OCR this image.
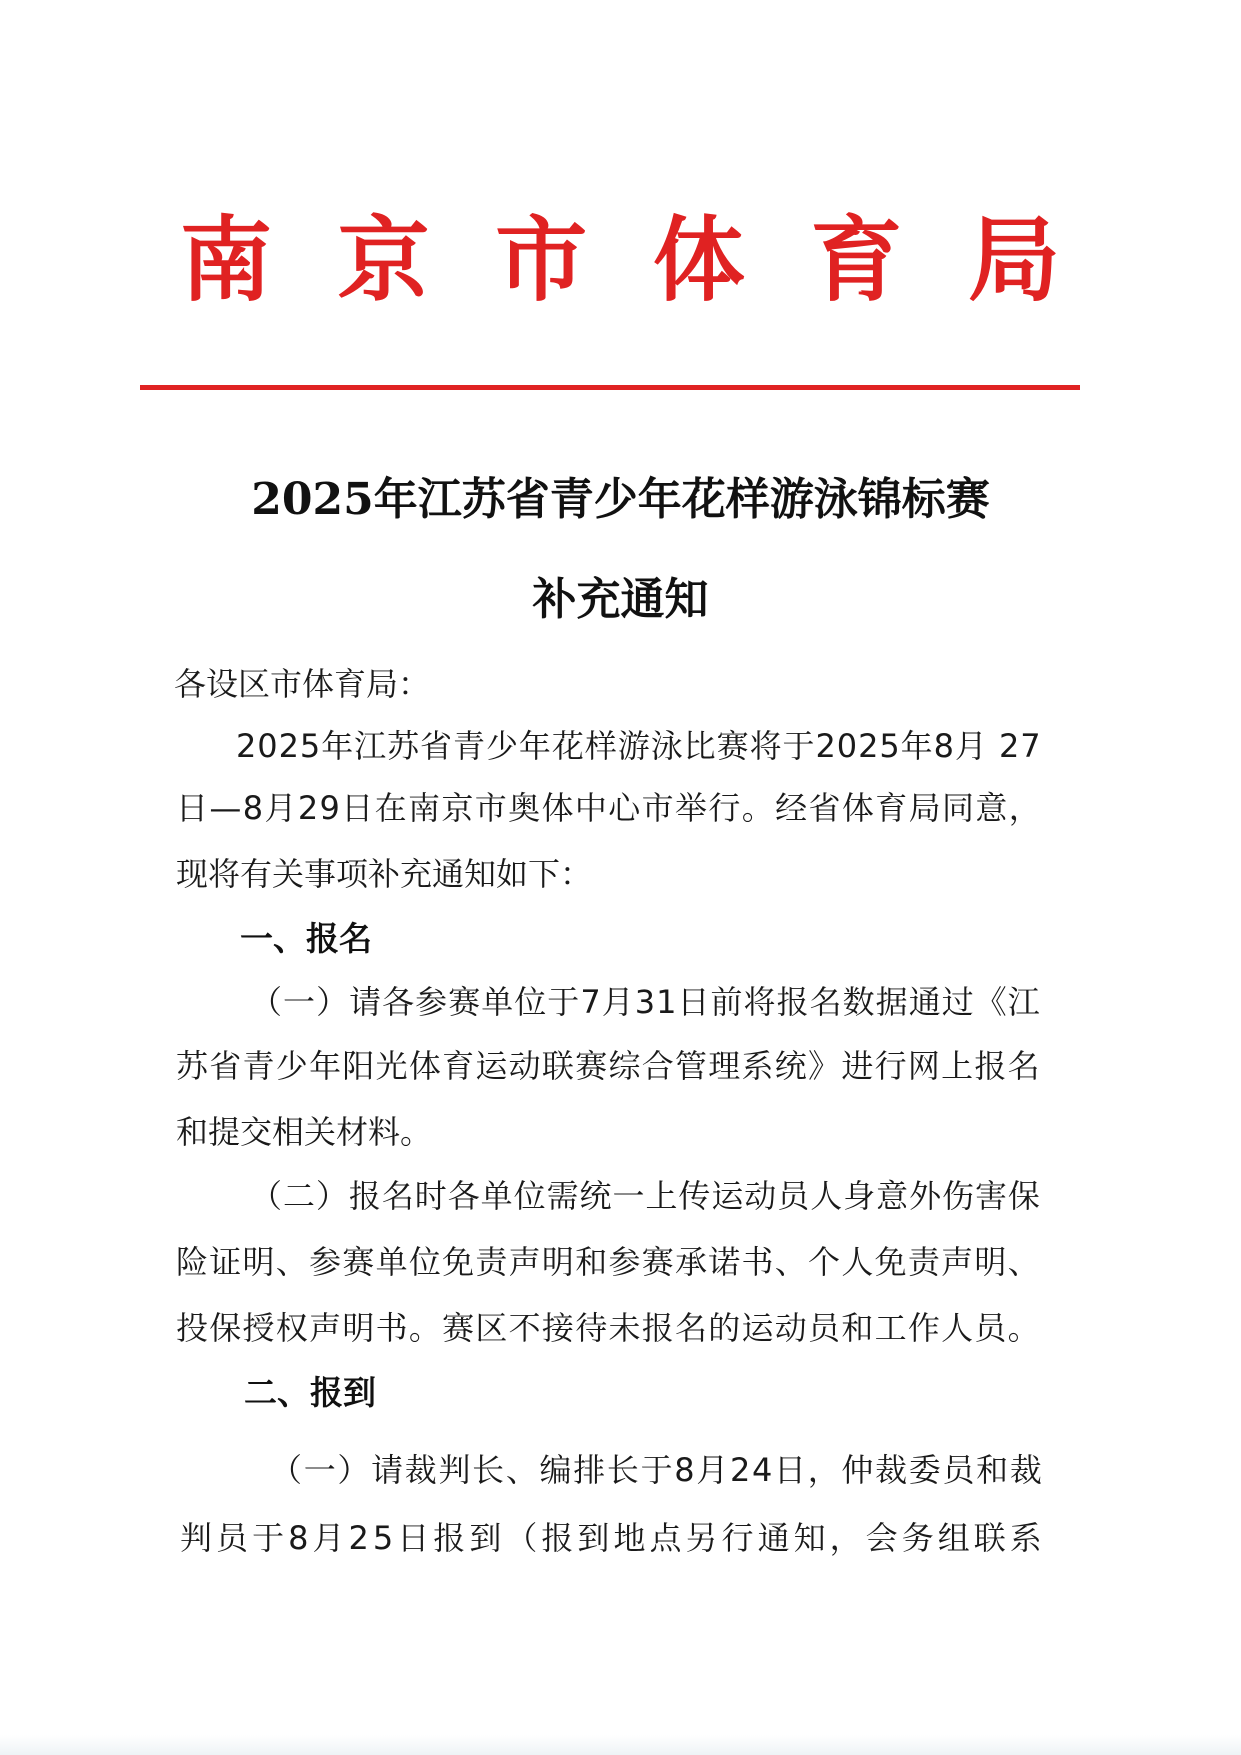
南 京 市 体 育 局
2025年江苏省青少年花样游泳锦标赛
补充通知
各设区市体育局：
2 0 2 5 年 江 苏 省 青 少 年 花 样 游 泳 比 赛 将 于 2 0 2 5 年 8 月
2 7
日 — 8 月 2 9 日 在 南 京 市 奥 体 中 心 市 举 行 。 经 省 体 育 局 同 意 ，
现将有关事项补充通知如下：
一、报名
（ 一 ） 请 各 参 赛 单 位 于 7 月 3 1 日 前 将 报 名 数 据 通 过 《 江
苏 省 青 少 年 阳 光 体 育 运 动 联 赛 综 合 管 理 系 统 》 进 行 网 上 报 名
和提交相关材料。
（ 二 ） 报 名 时 各 单 位 需 统 一 上 传 运 动 员 人 身 意 外 伤 害 保
险 证 明 、 参 赛 单 位 免 责 声 明 和 参 赛 承 诺 书 、 个 人 免 责 声 明 、
投 保 授 权 声 明 书 。 赛 区 不 接 待 未 报 名 的 运 动 员 和 工 作 人 员 。
二、报到
（ 一 ） 请 裁 判 长 、 编 排 长 于 8 月 2 4 日 ， 仲 裁 委 员 和 裁
判 员 于 8 月 2 5 日 报 到 （ 报 到 地 点 另 行 通 知 ， 会 务 组 联 系
